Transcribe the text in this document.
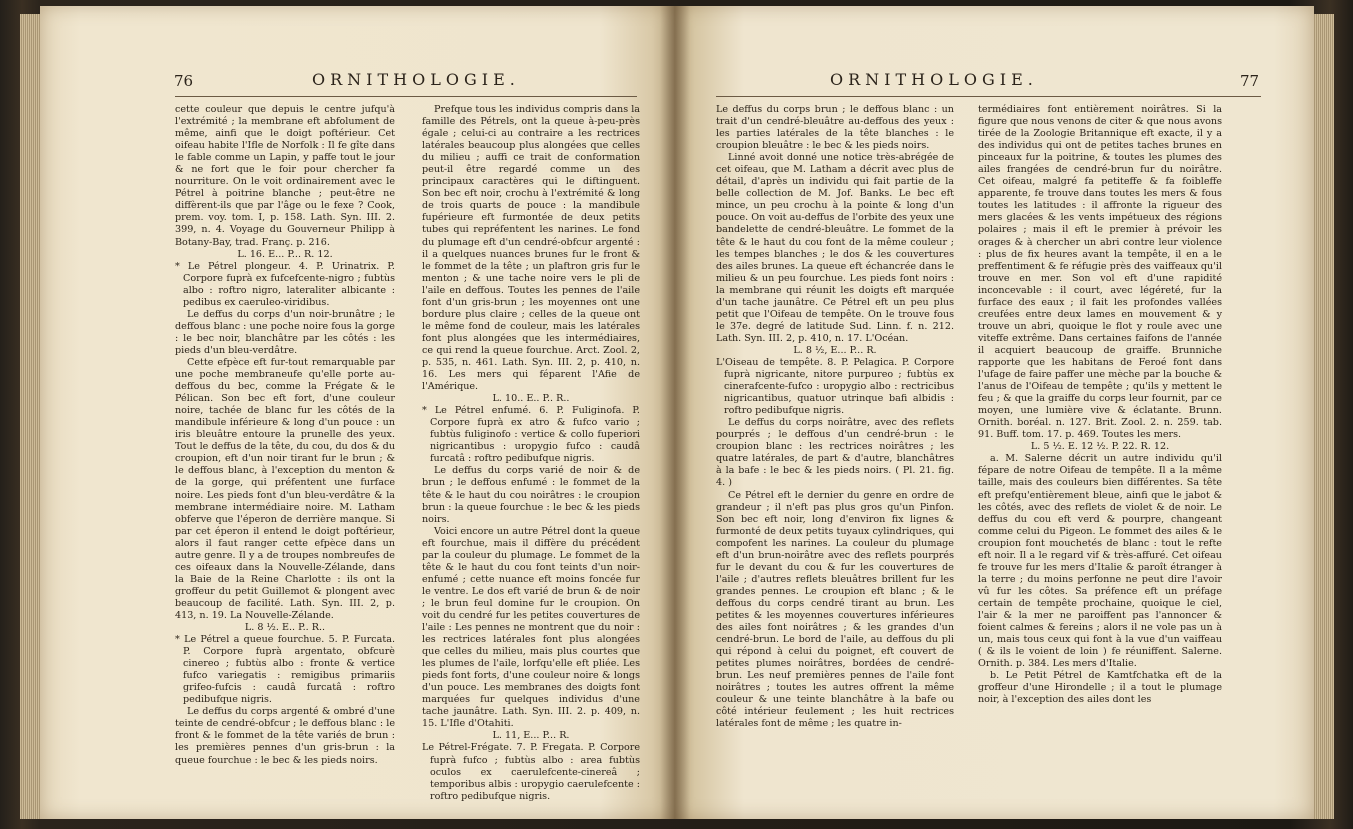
76	ORNITHOLOGIE.

cette couleur que depuis le centre jufqu'à l'extrémité ; la membrane eft abfolument de même, ainfi que le doigt poftérieur. Cet oifeau habite l'Ifle de Norfolk : Il fe gîte dans le fable comme un Lapin, y paffe tout le jour & ne fort que le foir pour chercher fa nourriture. On le voit ordinairement avec le Pétrel à poitrine blanche ; peut-être ne diffèrent-ils que par l'âge ou le fexe ? Cook, prem. voy. tom. I, p. 158. Lath. Syn. III. 2. 399, n. 4. Voyage du Gouverneur Philipp à Botany-Bay, trad. Franç. p. 216.

L. 16. E... P... R. 12.

* Le Pétrel plongeur. 4. P. Urinatrix. P. Corpore fuprà ex fufcefcente-nigro ; fubtùs albo : roftro nigro, lateraliter albicante : pedibus ex caeruleo-viridibus.

Le deffus du corps d'un noir-brunâtre ; le deffous blanc : une poche noire fous la gorge : le bec noir, blanchâtre par les côtés : les pieds d'un bleu-verdâtre.

Cette efpèce eft fur-tout remarquable par une poche membraneufe qu'elle porte au-deffous du bec, comme la Frégate & le Pélican. Son bec eft fort, d'une couleur noire, tachée de blanc fur les côtés de la mandibule inférieure & long d'un pouce : un iris bleuâtre entoure la prunelle des yeux. Tout le deffus de la tête, du cou, du dos & du croupion, eft d'un noir tirant fur le brun ; & le deffous blanc, à l'exception du menton & de la gorge, qui préfentent une furface noire. Les pieds font d'un bleu-verdâtre & la membrane intermédiaire noire. M. Latham obferve que l'éperon de derrière manque. Si par cet éperon il entend le doigt poftérieur, alors il faut ranger cette efpèce dans un autre genre. Il y a de troupes nombreufes de ces oifeaux dans la Nouvelle-Zélande, dans la Baie de la Reine Charlotte : ils ont la groffeur du petit Guillemot & plongent avec beaucoup de facilité. Lath. Syn. III. 2, p. 413, n. 19. La Nouvelle-Zélande.

L. 8 ½. E.. P.. R..

* Le Pétrel a queue fourchue. 5. P. Furcata. P. Corpore fuprà argentato, obfcurè cinereo ; fubtùs albo : fronte & vertice fufco variegatis : remigibus primariis grifeo-fufcis : caudâ furcatâ : roftro pedibufque nigris.

Le deffus du corps argenté & ombré d'une teinte de cendré-obfcur ; le deffous blanc : le front & le fommet de la tête variés de brun : les premières pennes d'un gris-brun : la queue fourchue : le bec & les pieds noirs.

Prefque tous les individus compris dans la famille des Pétrels, ont la queue à-peu-près égale ; celui-ci au contraire a les rectrices latérales beaucoup plus alongées que celles du milieu ; auffi ce trait de conformation peut-il être regardé comme un des principaux caractères qui le diftinguent. Son bec eft noir, crochu à l'extrémité & long de trois quarts de pouce : la mandibule fupérieure eft furmontée de deux petits tubes qui repréfentent les narines. Le fond du plumage eft d'un cendré-obfcur argenté : il a quelques nuances brunes fur le front & le fommet de la tête ; un plaftron gris fur le menton ; & une tache noire vers le pli de l'aile en deffous. Toutes les pennes de l'aile font d'un gris-brun ; les moyennes ont une bordure plus claire ; celles de la queue ont le même fond de couleur, mais les latérales font plus alongées que les intermédiaires, ce qui rend la queue fourchue. Arct. Zool. 2, p. 535, n. 461. Lath. Syn. III. 2, p. 410, n. 16. Les mers qui féparent l'Afie de l'Amérique.

L. 10.. E.. P.. R..

* Le Pétrel enfumé. 6. P. Fuliginofa. P. Corpore fuprà ex atro & fufco vario ; fubtùs fuliginofo : vertice & collo fuperiori nigricantibus : uropygio fufco : caudâ furcatâ : roftro pedibufque nigris.

Le deffus du corps varié de noir & de brun ; le deffous enfumé : le fommet de la tête & le haut du cou noirâtres : le croupion brun : la queue fourchue : le bec & les pieds noirs.

Voici encore un autre Pétrel dont la queue eft fourchue, mais il diffère du précédent par la couleur du plumage. Le fommet de la tête & le haut du cou font teints d'un noir-enfumé ; cette nuance eft moins foncée fur le ventre. Le dos eft varié de brun & de noir ; le brun feul domine fur le croupion. On voit du cendré fur les petites couvertures de l'aile : Les pennes ne montrent que du noir : les rectrices latérales font plus alongées que celles du milieu, mais plus courtes que les plumes de l'aile, lorfqu'elle eft pliée. Les pieds font forts, d'une couleur noire & longs d'un pouce. Les membranes des doigts font marquées fur quelques individus d'une tache jaunâtre. Lath. Syn. III. 2. p. 409, n. 15. L'Ifle d'Otahiti.

L. 11, E... P... R.

Le Pétrel-Frégate. 7. P. Fregata. P. Corpore fuprà fufco ; fubtùs albo : area fubtùs oculos ex caerulefcente-cinereâ ; temporibus albis : uropygio caerulefcente : roftro pedibufque nigris.

ORNITHOLOGIE.	77

Le deffus du corps brun ; le deffous blanc : un trait d'un cendré-bleuâtre au-deffous des yeux : les parties latérales de la tête blanches : le croupion bleuâtre : le bec & les pieds noirs.

Linné avoit donné une notice très-abrégée de cet oifeau, que M. Latham a décrit avec plus de détail, d'après un individu qui fait partie de la belle collection de M. Jof. Banks. Le bec eft mince, un peu crochu à la pointe & long d'un pouce. On voit au-deffus de l'orbite des yeux une bandelette de cendré-bleuâtre. Le fommet de la tête & le haut du cou font de la même couleur ; les tempes blanches ; le dos & les couvertures des ailes brunes. La queue eft échancrée dans le milieu & un peu fourchue. Les pieds font noirs : la membrane qui réunit les doigts eft marquée d'un tache jaunâtre. Ce Pétrel eft un peu plus petit que l'Oifeau de tempête. On le trouve fous le 37e. degré de latitude Sud. Linn. f. n. 212. Lath. Syn. III. 2, p. 410, n. 17. L'Océan.

L. 8 ½, E... P... R.

L'Oiseau de tempête. 8. P. Pelagica. P. Corpore fuprà nigricante, nitore purpureo ; fubtùs ex cinerafcente-fufco : uropygio albo : rectricibus nigricantibus, quatuor utrinque bafi albidis : roftro pedibufque nigris.

Le deffus du corps noirâtre, avec des reflets pourprés ; le deffous d'un cendré-brun : le croupion blanc : les rectrices noirâtres ; les quatre latérales, de part & d'autre, blanchâtres à la bafe : le bec & les pieds noirs. ( Pl. 21. fig. 4. )

Ce Pétrel eft le dernier du genre en ordre de grandeur ; il n'eft pas plus gros qu'un Pinfon. Son bec eft noir, long d'environ fix lignes & furmonté de deux petits tuyaux cylindriques, qui compofent les narines. La couleur du plumage eft d'un brun-noirâtre avec des reflets pourprés fur le devant du cou & fur les couvertures de l'aile ; d'autres reflets bleuâtres brillent fur les grandes pennes. Le croupion eft blanc ; & le deffous du corps cendré tirant au brun. Les petites & les moyennes couvertures inférieures des ailes font noirâtres ; & les grandes d'un cendré-brun. Le bord de l'aile, au deffous du pli qui répond à celui du poignet, eft couvert de petites plumes noirâtres, bordées de cendré-brun. Les neuf premières pennes de l'aile font noirâtres ; toutes les autres offrent la même couleur & une teinte blanchâtre à la bafe ou côté intérieur feulement ; les huit rectrices latérales font de même ; les quatre in-

termédiaires font entièrement noirâtres. Si la figure que nous venons de citer & que nous avons tirée de la Zoologie Britannique eft exacte, il y a des individus qui ont de petites taches brunes en pinceaux fur la poitrine, & toutes les plumes des ailes frangées de cendré-brun fur du noirâtre. Cet oifeau, malgré fa petiteffe & fa foibleffe apparente, fe trouve dans toutes les mers & fous toutes les latitudes : il affronte la rigueur des mers glacées & les vents impétueux des régions polaires ; mais il eft le premier à prévoir les orages & à chercher un abri contre leur violence : plus de fix heures avant la tempête, il en a le preffentiment & fe réfugie près des vaiffeaux qu'il trouve en mer. Son vol eft d'une rapidité inconcevable : il court, avec légéreté, fur la furface des eaux ; il fait les profondes vallées creufées entre deux lames en mouvement & y trouve un abri, quoique le flot y roule avec une viteffe extrême. Dans certaines faifons de l'année il acquiert beaucoup de graiffe. Brunniche rapporte que les habitans de Feroé font dans l'ufage de faire paffer une mèche par la bouche & l'anus de l'Oifeau de tempête ; qu'ils y mettent le feu ; & que la graiffe du corps leur fournit, par ce moyen, une lumière vive & éclatante. Brunn. Ornith. boréal. n. 127. Brit. Zool. 2. n. 259. tab. 91. Buff. tom. 17. p. 469. Toutes les mers.

L. 5 ½. E. 12 ½. P. 22. R. 12.

a. M. Salerne décrit un autre individu qu'il fépare de notre Oifeau de tempête. Il a la même taille, mais des couleurs bien différentes. Sa tête eft prefqu'entièrement bleue, ainfi que le jabot & les côtés, avec des reflets de violet & de noir. Le deffus du cou eft verd & pourpre, changeant comme celui du Pigeon. Le fommet des ailes & le croupion font mouchetés de blanc : tout le refte eft noir. Il a le regard vif & très-affuré. Cet oifeau fe trouve fur les mers d'Italie & paroît étranger à la terre ; du moins perfonne ne peut dire l'avoir vû fur les côtes. Sa préfence eft un préfage certain de tempête prochaine, quoique le ciel, l'air & la mer ne paroiffent pas l'annoncer & foient calmes & fereins ; alors il ne vole pas un à un, mais tous ceux qui font à la vue d'un vaiffeau ( & ils le voient de loin ) fe réuniffent. Salerne. Ornith. p. 384. Les mers d'Italie.

b. Le Petit Pétrel de Kamtfchatka eft de la groffeur d'une Hirondelle ; il a tout le plumage noir, à l'exception des ailes dont les
